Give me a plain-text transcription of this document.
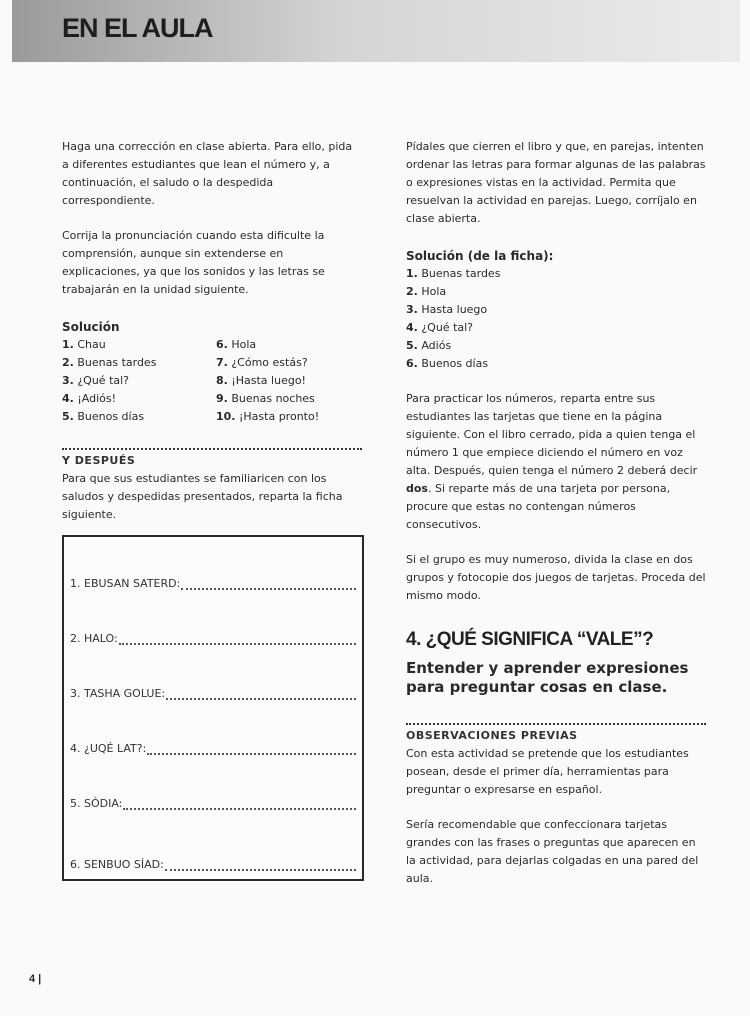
EN EL AULA

Haga una corrección en clase abierta. Para ello, pida a diferentes estudiantes que lean el número y, a continuación, el saludo o la despedida correspondiente.

Corrija la pronunciación cuando esta dificulte la comprensión, aunque sin extenderse en explicaciones, ya que los sonidos y las letras se trabajarán en la unidad siguiente.

Solución
1. Chau	6. Hola
2. Buenas tardes	7. ¿Cómo estás?
3. ¿Qué tal?	8. ¡Hasta luego!
4. ¡Adiós!	9. Buenas noches
5. Buenos días	10. ¡Hasta pronto!
Y DESPUÉS

Para que sus estudiantes se familiaricen con los saludos y despedidas presentados, reparta la ficha siguiente.

1. EBUSAN SATERD:
2. HALO:
3. TASHA GOLUE:
4. ¿UQÉ LAT?:
5. SÓDIA:
6. SENBUO SÍAD:

Pídales que cierren el libro y que, en parejas, intenten ordenar las letras para formar algunas de las palabras o expresiones vistas en la actividad. Permita que resuelvan la actividad en parejas. Luego, corríjalo en clase abierta.

Solución (de la ficha):
1. Buenas tardes
2. Hola
3. Hasta luego
4. ¿Qué tal?
5. Adiós
6. Buenos días

Para practicar los números, reparta entre sus estudiantes las tarjetas que tiene en la página siguiente. Con el libro cerrado, pida a quien tenga el número 1 que empiece diciendo el número en voz alta. Después, quien tenga el número 2 deberá decir dos. Si reparte más de una tarjeta por persona, procure que estas no contengan números consecutivos.

Si el grupo es muy numeroso, divida la clase en dos grupos y fotocopie dos juegos de tarjetas. Proceda del mismo modo.

4. ¿QUÉ SIGNIFICA “VALE”?
Entender y aprender expresiones para preguntar cosas en clase.
OBSERVACIONES PREVIAS

Con esta actividad se pretende que los estudiantes posean, desde el primer día, herramientas para preguntar o expresarse en español.

Sería recomendable que confeccionara tarjetas grandes con las frases o preguntas que aparecen en la actividad, para dejarlas colgadas en una pared del aula.

4 |
